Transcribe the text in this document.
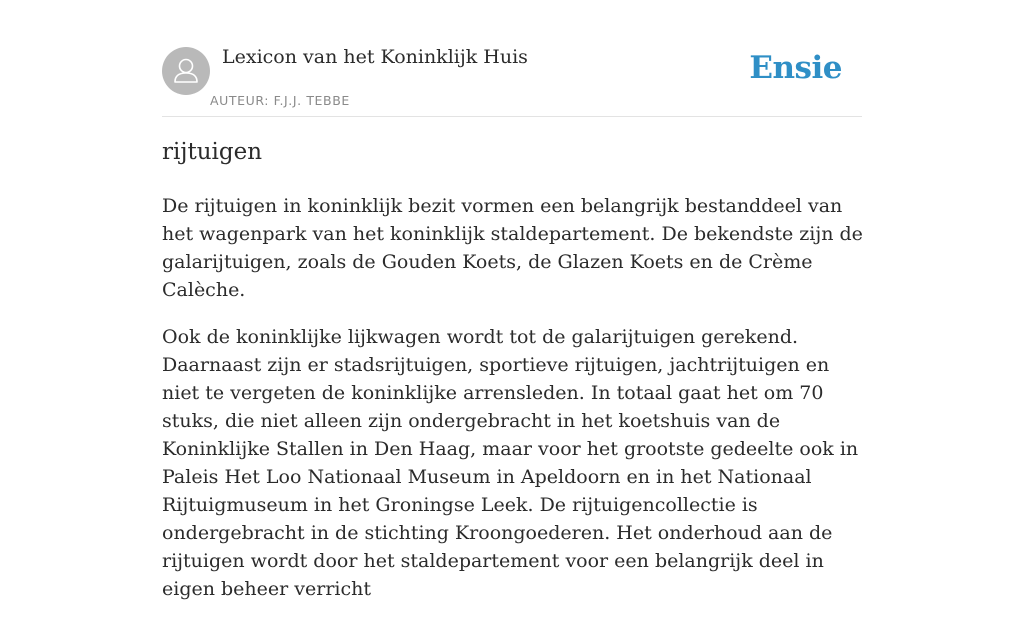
Lexicon van het Koninklijk Huis
AUTEUR: F.J.J. TEBBE
Ensie
rijtuigen

De rijtuigen in koninklijk bezit vormen een belangrijk bestanddeel van het wagenpark van het koninklijk staldepartement. De bekendste zijn de galarijtuigen, zoals de Gouden Koets, de Glazen Koets en de Crème Calèche.

Ook de koninklijke lijkwagen wordt tot de galarijtuigen gerekend. Daarnaast zijn er stadsrijtuigen, sportieve rijtuigen, jachtrijtuigen en niet te vergeten de koninklijke arrensleden. In totaal gaat het om 70 stuks, die niet alleen zijn ondergebracht in het koetshuis van de Koninklijke Stallen in Den Haag, maar voor het grootste gedeelte ook in Paleis Het Loo Nationaal Museum in Apeldoorn en in het Nationaal Rijtuigmuseum in het Groningse Leek. De rijtuigencollectie is ondergebracht in de stichting Kroongoederen. Het onderhoud aan de rijtuigen wordt door het staldepartement voor een belangrijk deel in eigen beheer verricht
